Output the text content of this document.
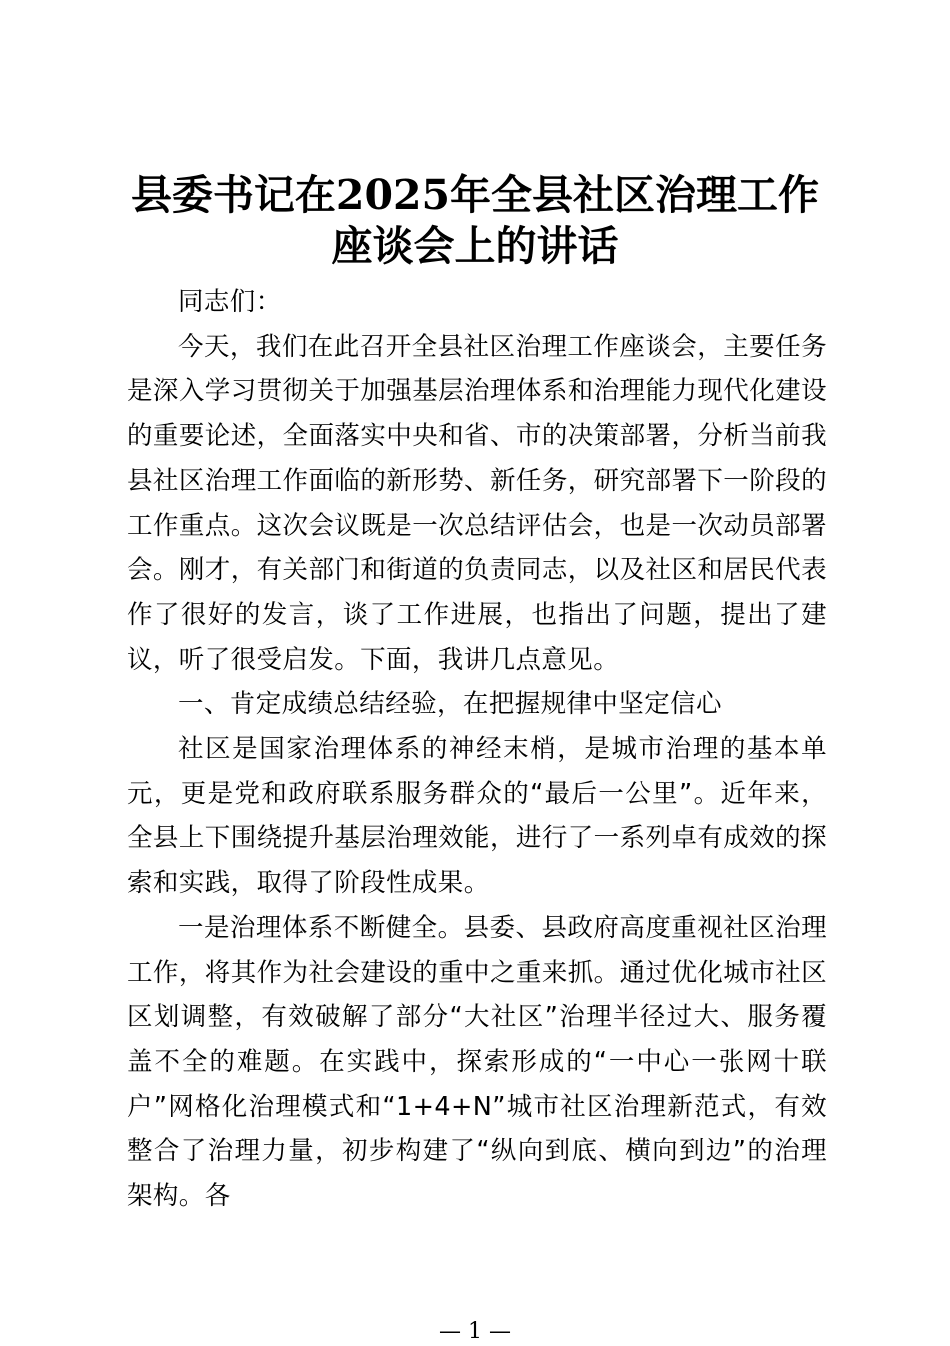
县委书记在2025年全县社区治理工作
座谈会上的讲话

同志们：

今天，我们在此召开全县社区治理工作座谈会，主要任务是深入学习贯彻关于加强基层治理体系和治理能力现代化建设的重要论述，全面落实中央和省、市的决策部署，分析当前我县社区治理工作面临的新形势、新任务，研究部署下一阶段的工作重点。这次会议既是一次总结评估会，也是一次动员部署会。刚才，有关部门和街道的负责同志，以及社区和居民代表作了很好的发言，谈了工作进展，也指出了问题，提出了建议，听了很受启发。下面，我讲几点意见。

一、肯定成绩总结经验，在把握规律中坚定信心

社区是国家治理体系的神经末梢，是城市治理的基本单元，更是党和政府联系服务群众的“最后一公里”。近年来，全县上下围绕提升基层治理效能，进行了一系列卓有成效的探索和实践，取得了阶段性成果。

一是治理体系不断健全。县委、县政府高度重视社区治理工作，将其作为社会建设的重中之重来抓。通过优化城市社区区划调整，有效破解了部分“大社区”治理半径过大、服务覆盖不全的难题。在实践中，探索形成的“一中心一张网十联户”网格化治理模式和“1+4+N”城市社区治理新范式，有效整合了治理力量，初步构建了“纵向到底、横向到边”的治理架构。各

— 1 —
